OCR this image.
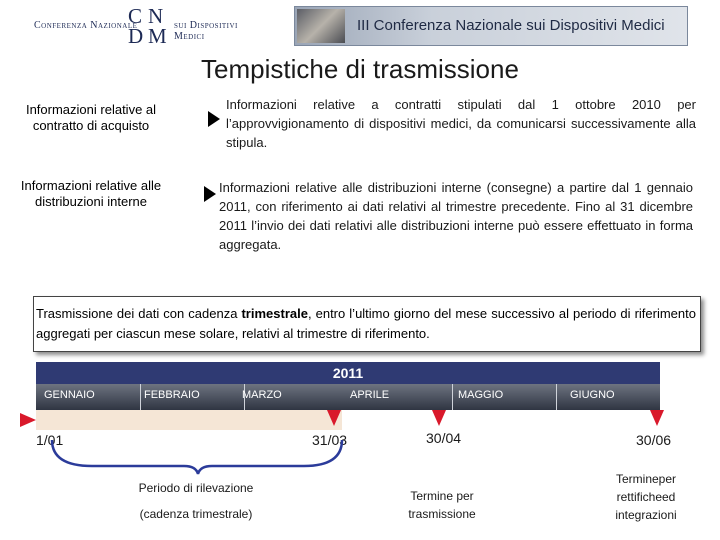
Conferenza Nazionale
C N
D M sui Dispositivi Medici
III Conferenza Nazionale sui Dispositivi Medici
Tempistiche di trasmissione
Informazioni relative al contratto di acquisto
Informazioni relative a contratti stipulati dal 1 ottobre 2010 per l’approvvigionamento di dispositivi medici, da comunicarsi successivamente alla stipula.
Informazioni relative alle distribuzioni interne
Informazioni relative alle distribuzioni interne (consegne) a partire dal 1 gennaio 2011, con riferimento ai dati relativi al trimestre precedente. Fino al 31 dicembre 2011 l’invio dei dati relativi alle distribuzioni interne può essere effettuato in forma aggregata.
Trasmissione dei dati con cadenza trimestrale, entro l’ultimo giorno del mese successivo al periodo di riferimento aggregati per ciascun mese solare, relativi al trimestre di riferimento.
2011
GENNAIO	FEBBRAIO	MARZO	APRILE	MAGGIO	GIUGNO
1/01	31/03	30/04	30/06
Periodo di rilevazione
(cadenza trimestrale)
Termine per trasmissione
Termineper rettificheed integrazioni
